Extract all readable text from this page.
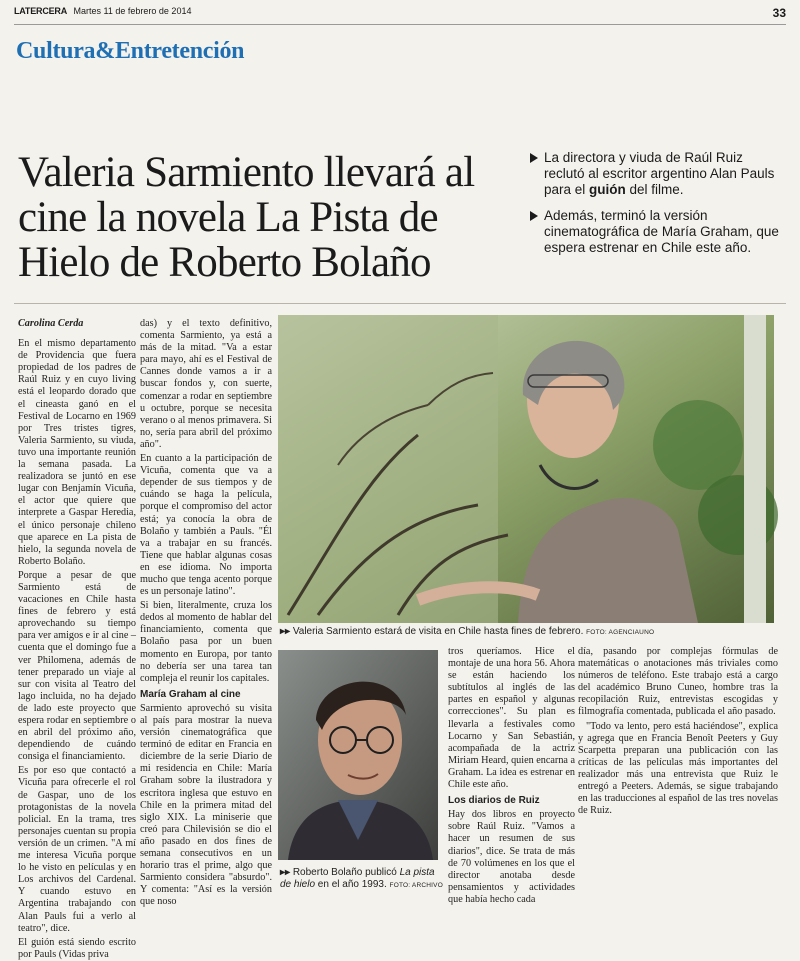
LATERCERA Martes 11 de febrero de 2014	33
Cultura&Entretención
Valeria Sarmiento llevará al cine la novela La Pista de Hielo de Roberto Bolaño
La directora y viuda de Raúl Ruiz reclutó al escritor argentino Alan Pauls para el guión del filme.
Además, terminó la versión cinematográfica de María Graham, que espera estrenar en Chile este año.
Carolina Cerda

En el mismo departamento de Providencia que fuera propiedad de los padres de Raúl Ruiz y en cuyo living está el leopardo dorado que el cineasta ganó en el Festival de Locarno en 1969 por Tres tristes tigres, Valeria Sarmiento, su viuda, tuvo una importante reunión la semana pasada. La realizadora se juntó en ese lugar con Benjamín Vicuña, el actor que quiere que interprete a Gaspar Heredia, el único personaje chileno que aparece en La pista de hielo, la segunda novela de Roberto Bolaño.

Porque a pesar de que Sarmiento está de vacaciones en Chile hasta fines de febrero y está aprovechando su tiempo para ver amigos e ir al cine –cuenta que el domingo fue a ver Philomena, además de tener preparado un viaje al sur con visita al Teatro del lago incluida, no ha dejado de lado este proyecto que espera rodar en septiembre o en abril del próximo año, dependiendo de cuándo consiga el financiamiento.

Es por eso que contactó a Vicuña para ofrecerle el rol de Gaspar, uno de los protagonistas de la novela policial. En la trama, tres personajes cuentan su propia versión de un crimen. "A mí me interesa Vicuña porque lo he visto en películas y en Los archivos del Cardenal. Y cuando estuvo en Argentina trabajando con Alan Pauls fui a verlo al teatro", dice.

El guión está siendo escrito por Pauls (Vidas priva

das) y el texto definitivo, comenta Sarmiento, ya está a más de la mitad. "Va a estar para mayo, ahí es el Festival de Cannes donde vamos a ir a buscar fondos y, con suerte, comenzar a rodar en septiembre u octubre, porque se necesita verano o al menos primavera. Si no, sería para abril del próximo año".

En cuanto a la participación de Vicuña, comenta que va a depender de sus tiempos y de cuándo se haga la película, porque el compromiso del actor está; ya conocía la obra de Bolaño y también a Pauls. "Él va a trabajar en su francés. Tiene que hablar algunas cosas en ese idioma. No importa mucho que tenga acento porque es un personaje latino".

Si bien, literalmente, cruza los dedos al momento de hablar del financiamiento, comenta que Bolaño pasa por un buen momento en Europa, por tanto no debería ser una tarea tan compleja el reunir los capitales.

María Graham al cine

Sarmiento aprovechó su visita al país para mostrar la nueva versión cinematográfica que terminó de editar en Francia en diciembre de la serie Diario de mi residencia en Chile: María Graham sobre la ilustradora y escritora inglesa que estuvo en Chile en la primera mitad del siglo XIX. La miniserie que creó para Chilevisión se dio el año pasado en dos fines de semana consecutivos en un horario tras el prime, algo que Sarmiento considera "absurdo". Y comenta: "Así es la versión que noso

▸▸ Valeria Sarmiento estará de visita en Chile hasta fines de febrero. FOTO: AGENCIAUNO
▸▸ Roberto Bolaño publicó La pista de hielo en el año 1993. FOTO: ARCHIVO

tros queríamos. Hice el montaje de una hora 56. Ahora se están haciendo los subtítulos al inglés de las partes en español y algunas correcciones". Su plan es llevarla a festivales como Locarno y San Sebastián, acompañada de la actriz Miriam Heard, quien encarna a Graham. La idea es estrenar en Chile este año.

Los diarios de Ruiz

Hay dos libros en proyecto sobre Raúl Ruiz. "Vamos a hacer un resumen de sus diarios", dice. Se trata de más de 70 volúmenes en los que el director anotaba desde pensamientos y actividades que había hecho cada

día, pasando por complejas fórmulas de matemáticas o anotaciones más triviales como números de teléfono. Este trabajo está a cargo del académico Bruno Cuneo, hombre tras la recopilación Ruiz, entrevistas escogidas y filmografía comentada, publicada el año pasado.

"Todo va lento, pero está haciéndose", explica y agrega que en Francia Benoît Peeters y Guy Scarpetta preparan una publicación con las críticas de las películas más importantes del realizador más una entrevista que Ruiz le entregó a Peeters. Además, se sigue trabajando en las traducciones al español de las tres novelas de Ruiz.
